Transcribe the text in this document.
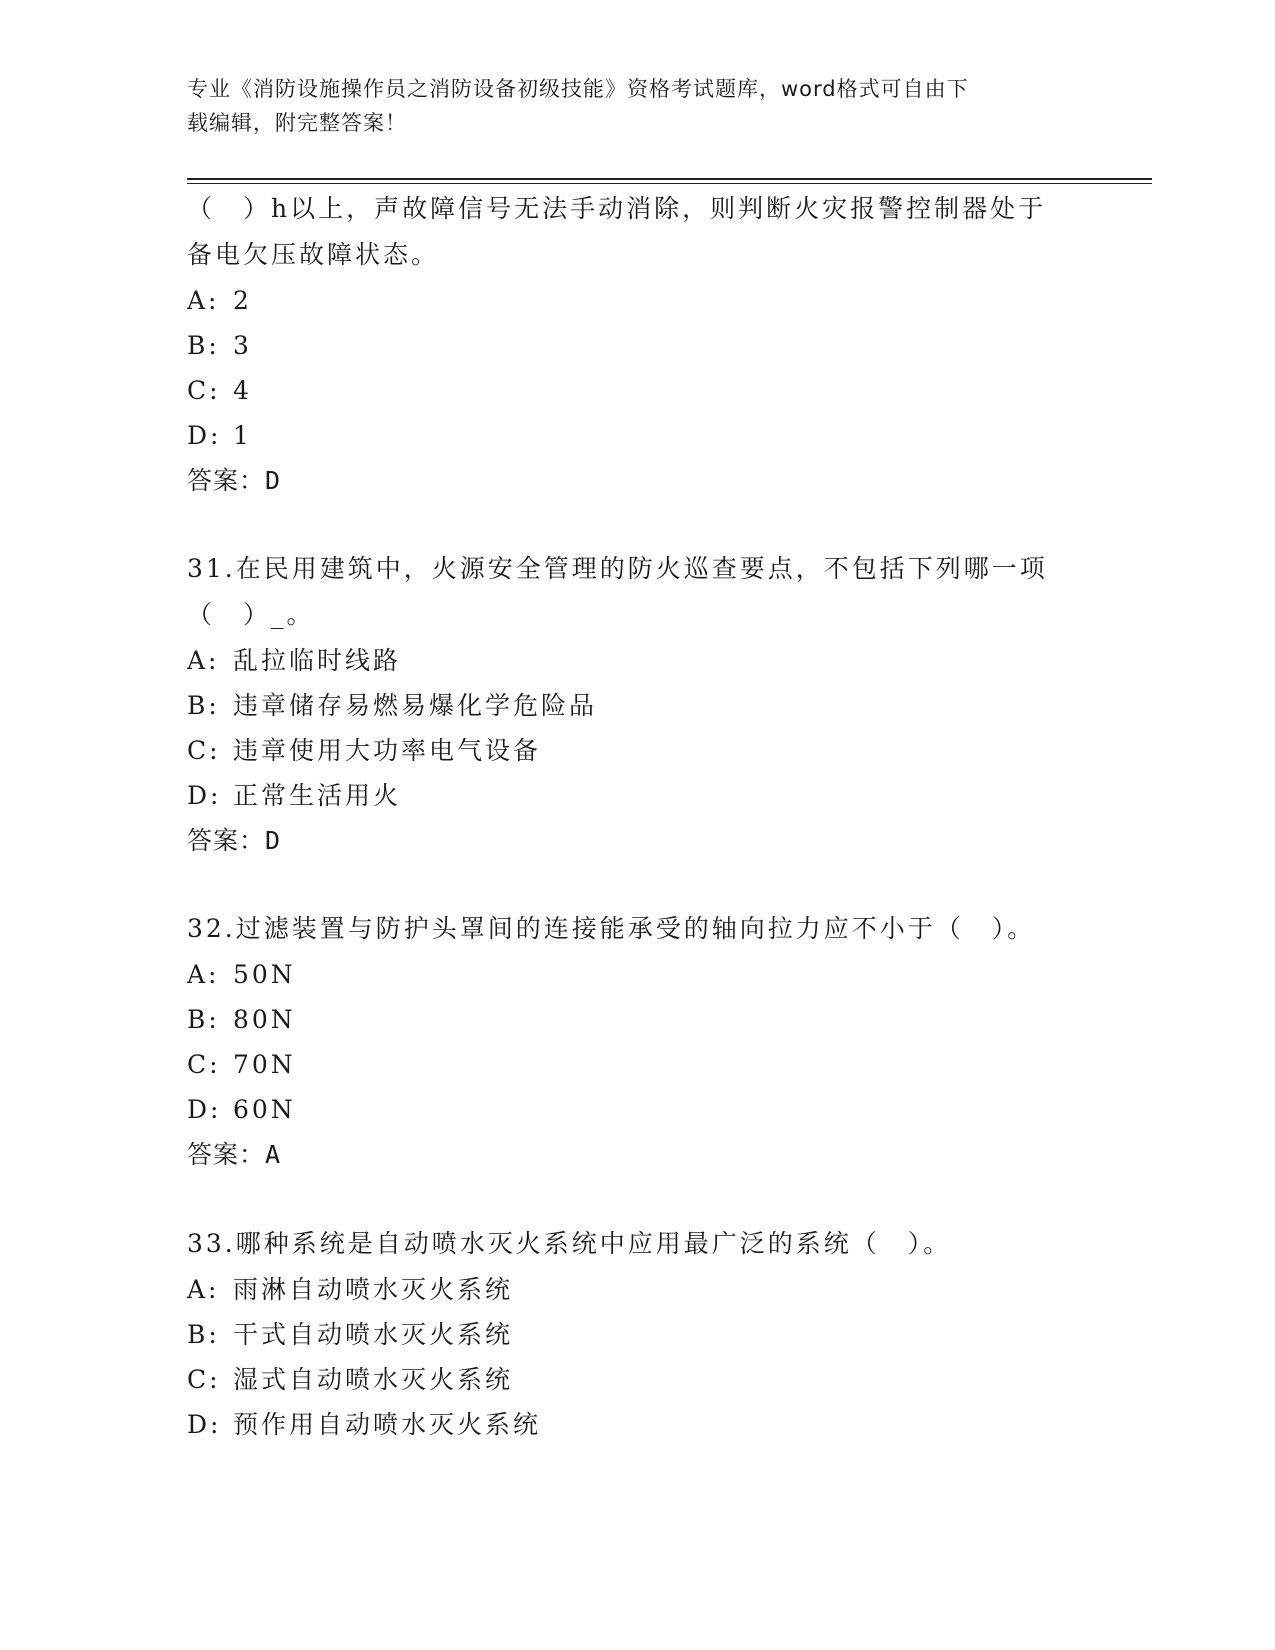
专业《消防设施操作员之消防设备初级技能》资格考试题库，word格式可自由下
载编辑，附完整答案！
（　）h以上，声故障信号无法手动消除，则判断火灾报警控制器处于
备电欠压故障状态。
A: 2
B: 3
C: 4
D: 1
答案：D
31.在民用建筑中，火源安全管理的防火巡查要点，不包括下列哪一项
（　）_。
A: 乱拉临时线路
B: 违章储存易燃易爆化学危险品
C: 违章使用大功率电气设备
D: 正常生活用火
答案：D
32.过滤装置与防护头罩间的连接能承受的轴向拉力应不小于（　）。
A: 50N
B: 80N
C: 70N
D: 60N
答案：A
33.哪种系统是自动喷水灭火系统中应用最广泛的系统（　）。
A: 雨淋自动喷水灭火系统
B: 干式自动喷水灭火系统
C: 湿式自动喷水灭火系统
D: 预作用自动喷水灭火系统
